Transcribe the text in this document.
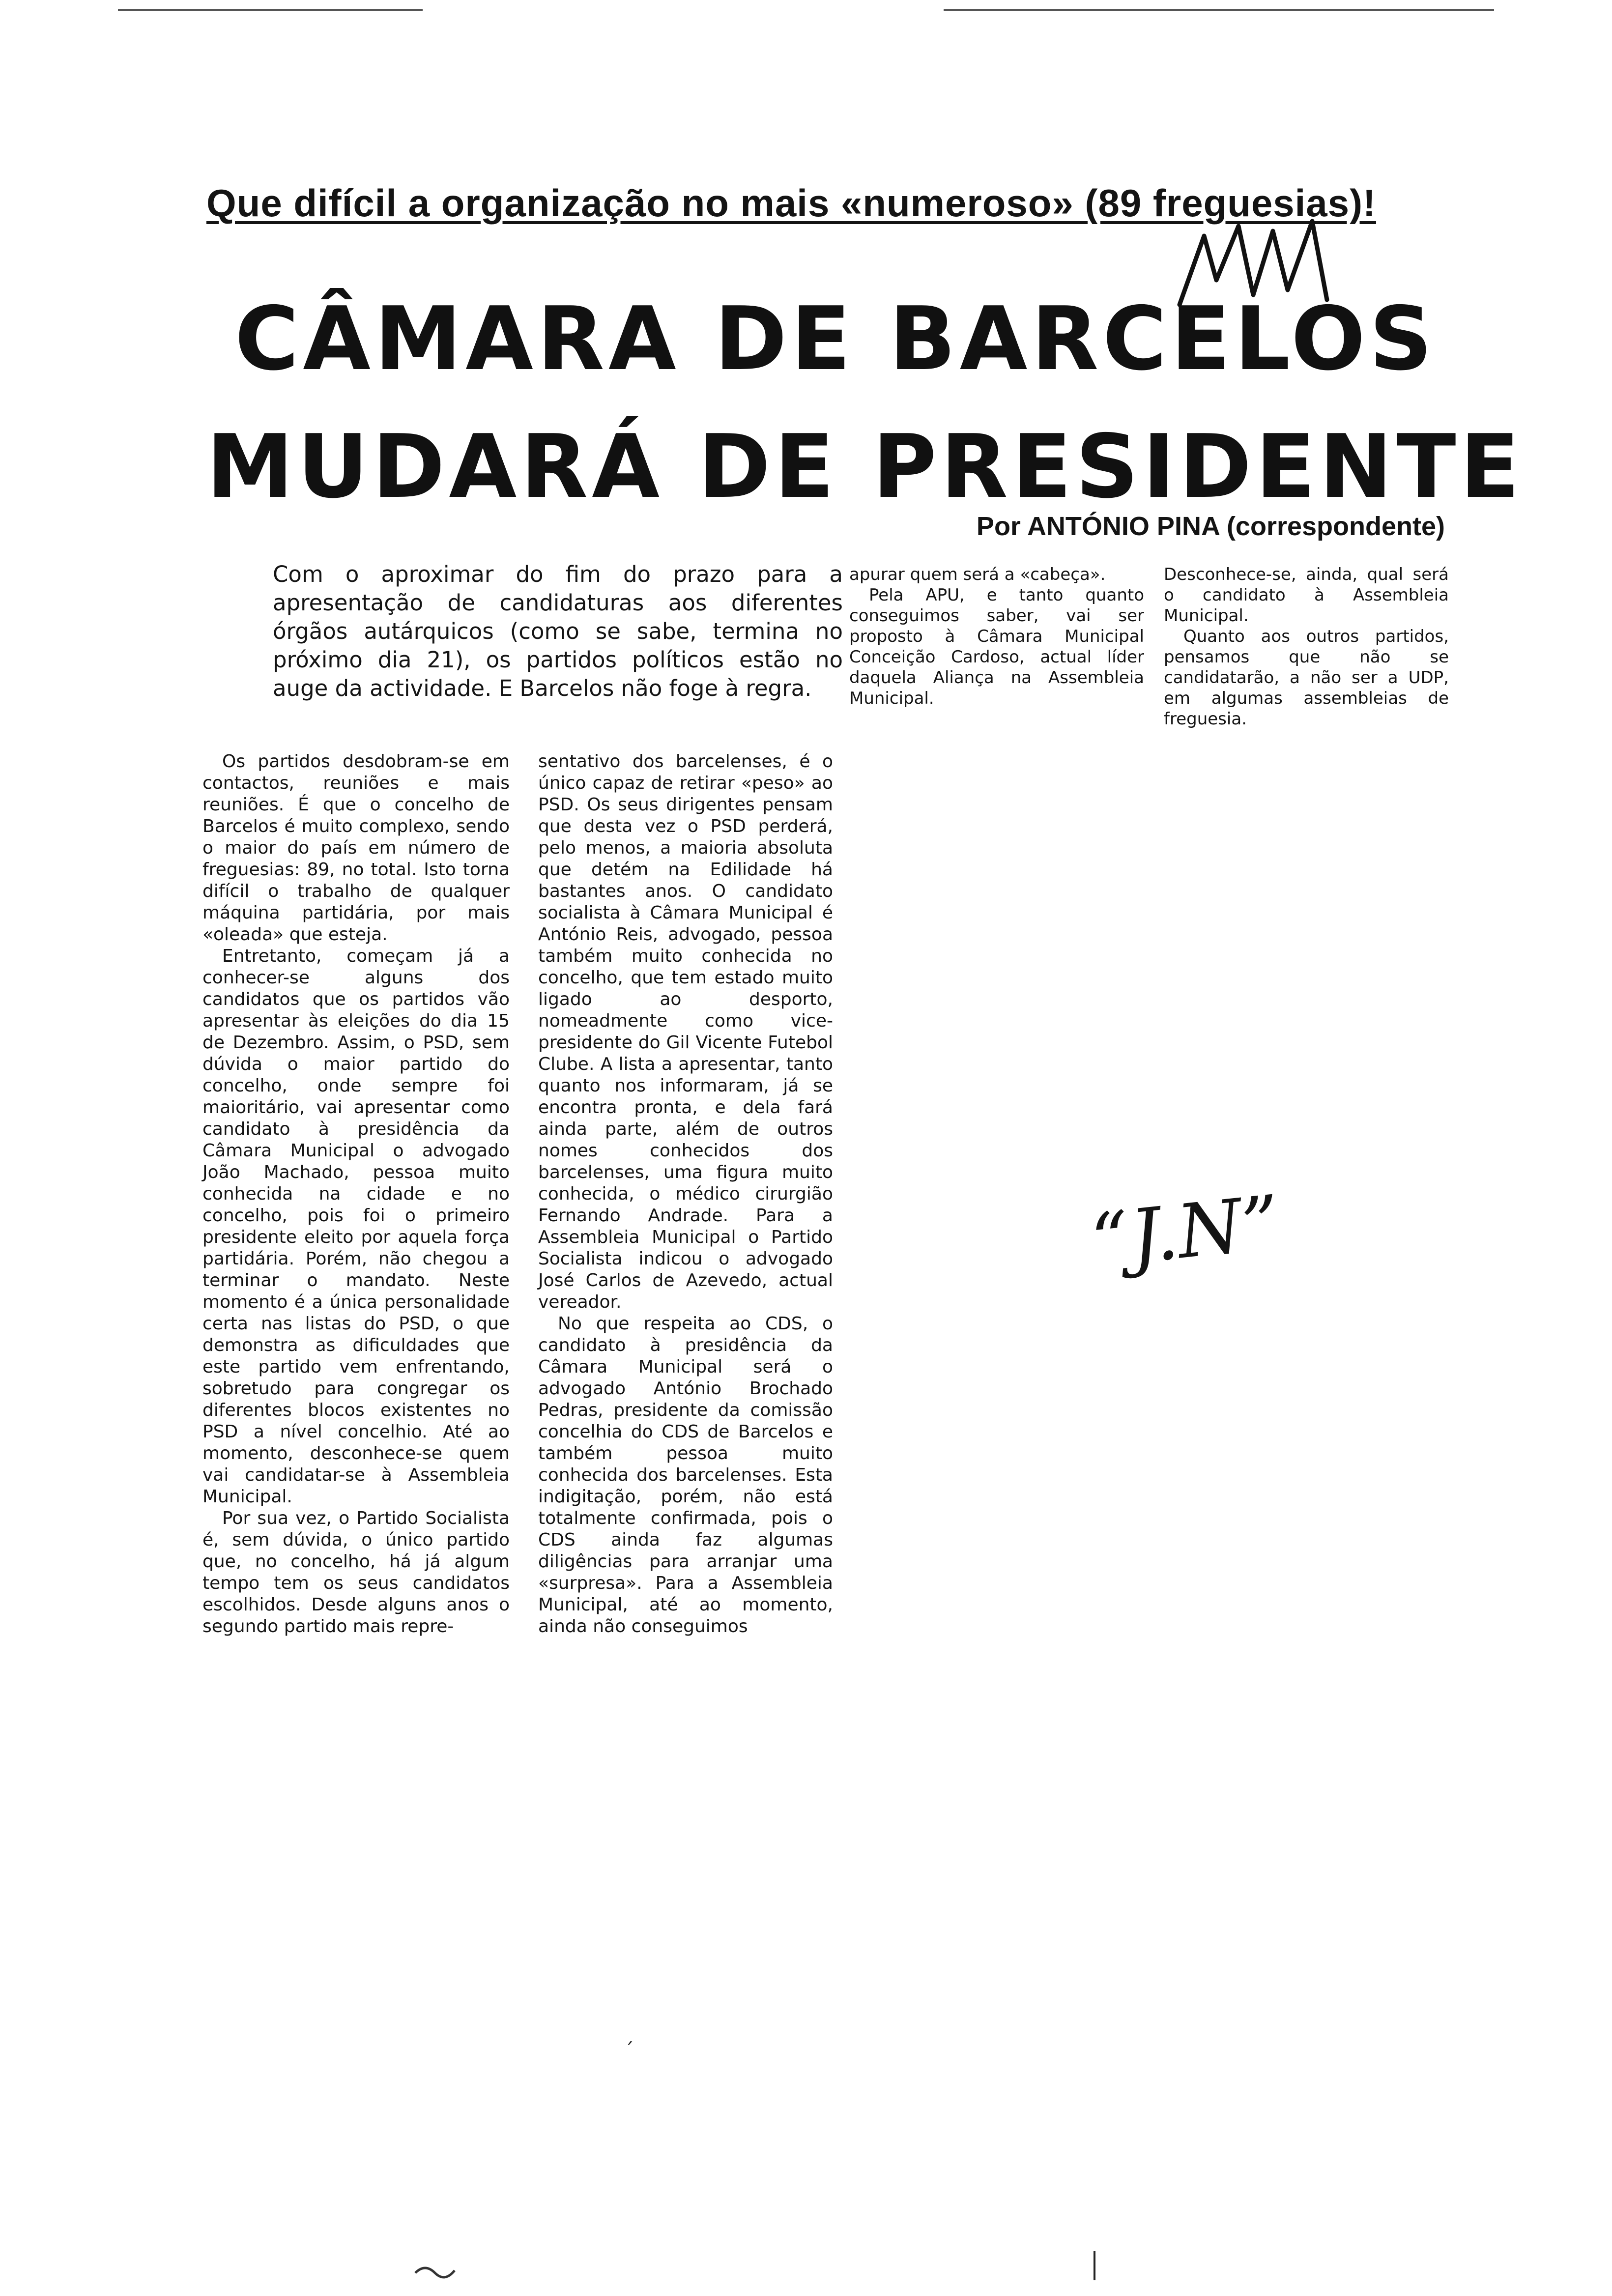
Que difícil a organização no mais «numeroso» (89 freguesias)!
CÂMARA DE BARCELOS
MUDARÁ DE PRESIDENTE
Por ANTÓNIO PINA (correspondente)
Com o aproximar do fim do prazo para a apresentação de candidaturas aos diferentes órgãos autárquicos (como se sabe, termina no próximo dia 21), os partidos políticos estão no auge da actividade. E Barcelos não foge à regra.

Os partidos desdobram-se em contactos, reuniões e mais reuniões. É que o concelho de Barcelos é muito complexo, sendo o maior do país em número de freguesias: 89, no total. Isto torna difícil o trabalho de qualquer máquina partidária, por mais «oleada» que esteja.

Entretanto, começam já a conhecer-se alguns dos candidatos que os partidos vão apresentar às eleições do dia 15 de Dezembro. Assim, o PSD, sem dúvida o maior partido do concelho, onde sempre foi maioritário, vai apresentar como candidato à presidência da Câmara Municipal o advogado João Machado, pessoa muito conhecida na cidade e no concelho, pois foi o primeiro presidente eleito por aquela força partidária. Porém, não chegou a terminar o mandato. Neste momento é a única personalidade certa nas listas do PSD, o que demonstra as dificuldades que este partido vem enfrentando, sobretudo para congregar os diferentes blocos existentes no PSD a nível concelhio. Até ao momento, desconhece-se quem vai candidatar-se à Assembleia Municipal.

Por sua vez, o Partido Socialista é, sem dúvida, o único partido que, no concelho, há já algum tempo tem os seus candidatos escolhidos. Desde alguns anos o segundo partido mais repre-

sentativo dos barcelenses, é o único capaz de retirar «peso» ao PSD. Os seus dirigentes pensam que desta vez o PSD perderá, pelo menos, a maioria absoluta que detém na Edilidade há bastantes anos. O candidato socialista à Câmara Municipal é António Reis, advogado, pessoa também muito conhecida no concelho, que tem estado muito ligado ao desporto, nomeadmente como vice-presidente do Gil Vicente Futebol Clube. A lista a apresentar, tanto quanto nos informaram, já se encontra pronta, e dela fará ainda parte, além de outros nomes conhecidos dos barcelenses, uma figura muito conhecida, o médico cirurgião Fernando Andrade. Para a Assembleia Municipal o Partido Socialista indicou o advogado José Carlos de Azevedo, actual vereador.

No que respeita ao CDS, o candidato à presidência da Câmara Municipal será o advogado António Brochado Pedras, presidente da comissão concelhia do CDS de Barcelos e também pessoa muito conhecida dos barcelenses. Esta indigitação, porém, não está totalmente confirmada, pois o CDS ainda faz algumas diligências para arranjar uma «surpresa». Para a Assembleia Municipal, até ao momento, ainda não conseguimos

apurar quem será a «cabeça».

Pela APU, e tanto quanto conseguimos saber, vai ser proposto à Câmara Municipal Conceição Cardoso, actual líder daquela Aliança na Assembleia Municipal.

Desconhece-se, ainda, qual será o candidato à Assembleia Municipal.

Quanto aos outros partidos, pensamos que não se candidatarão, a não ser a UDP, em algumas assembleias de freguesia.

“J.N”
ˊ
